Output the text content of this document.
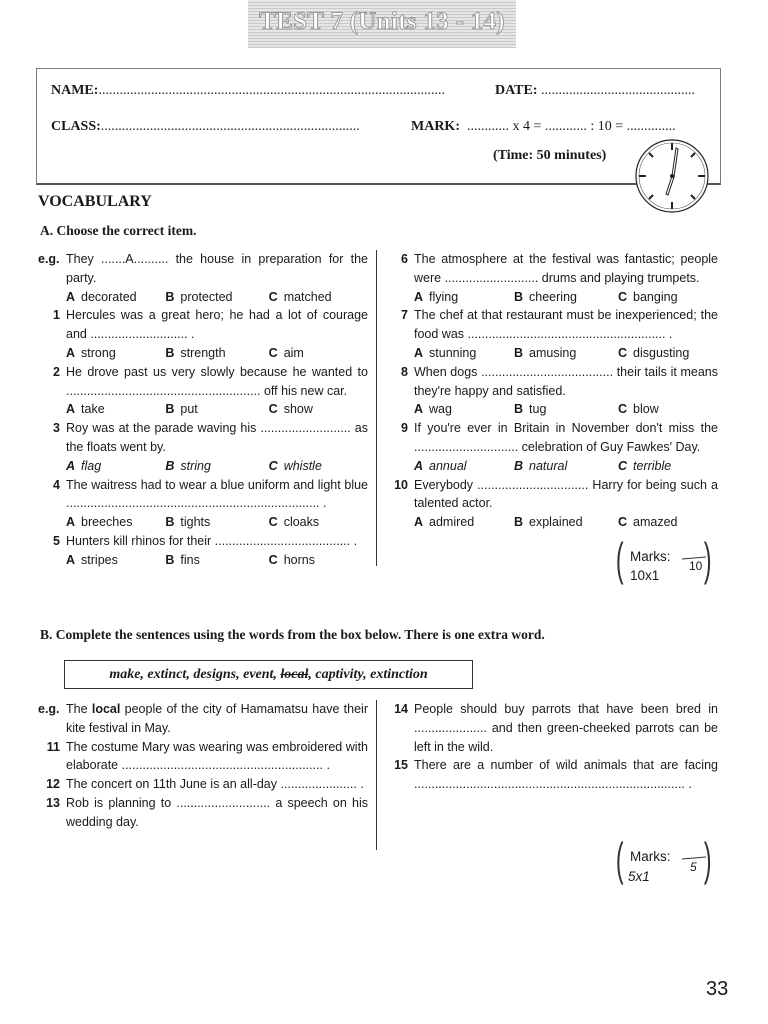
TEST 7 (Units 13 - 14)
NAME:...................................................................................................	DATE: ............................................
CLASS:..........................................................................	MARK: ............ x 4 = ............ : 10 = ..............
(Time: 50 minutes)
VOCABULARY
A. Choose the correct item.
e.g. They .......A.......... the house in preparation for the party.
A decorated	B protected	C matched
1 Hercules was a great hero; he had a lot of courage and ............................ .
A strong	B strength	C aim
2 He drove past us very slowly because he wanted to ........................................................ off his new car.
A take	B put	C show
3 Roy was at the parade waving his .......................... as the floats went by.
A flag	B string	C whistle
4 The waitress had to wear a blue uniform and light blue ......................................................................... .
A breeches	B tights	C cloaks
5 Hunters kill rhinos for their ....................................... .
A stripes	B fins	C horns
6 The atmosphere at the festival was fantastic; people were ........................... drums and playing trumpets.
A flying	B cheering	C banging
7 The chef at that restaurant must be inexperienced; the food was ......................................................... .
A stunning	B amusing	C disgusting
8 When dogs ...................................... their tails it means they're happy and satisfied.
A wag	B tug	C blow
9 If you're ever in Britain in November don't miss the .............................. celebration of Guy Fawkes' Day.
A annual	B natural	C terrible
10 Everybody ................................ Harry for being such a talented actor.
A admired	B explained	C amazed
( Marks:
10
10x1 )
B. Complete the sentences using the words from the box below. There is one extra word.
make, extinct, designs, event, local, captivity, extinction
e.g. The local people of the city of Hamamatsu have their kite festival in May.
11 The costume Mary was wearing was embroidered with elaborate .......................................................... .
12 The concert on 11th June is an all-day ...................... .
13 Rob is planning to ........................... a speech on his wedding day.
14 People should buy parrots that have been bred in ..................... and then green-cheeked parrots can be left in the wild.
15 There are a number of wild animals that are facing .............................................................................. .
( Marks:
5
5x1 )
33
